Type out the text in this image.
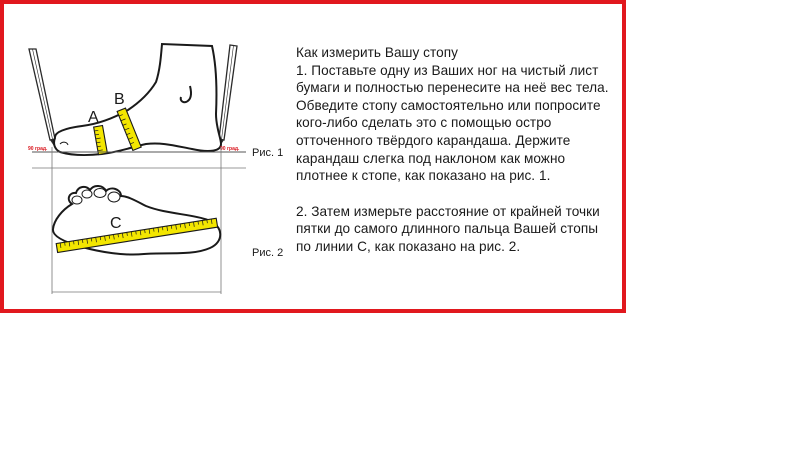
A
B
90 град.	90 град. Рис. 1
C
Рис. 2

Как измерить Вашу стопу

1. Поставьте одну из Ваших ног на чистый лист бумаги и полностью перенесите на неё вес тела. Обведите стопу самостоятельно или попросите кого-либо сделать это с помощью остро отточенного твёрдого карандаша. Держите карандаш слегка под наклоном как можно плотнее к стопе, как показано на рис. 1.

2. Затем измерьте расстояние от крайней точки пятки до самого длинного пальца Вашей стопы по линии С, как показано на рис. 2.
